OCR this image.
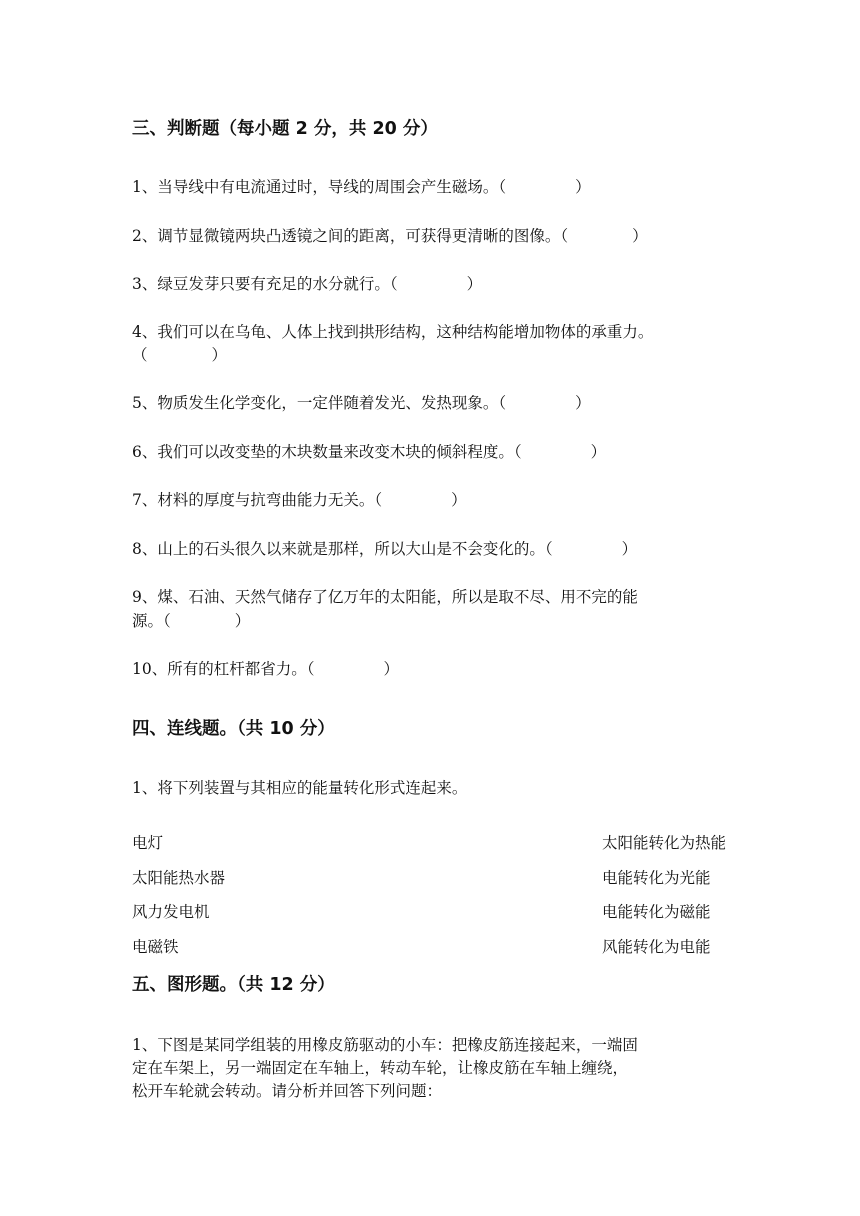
三、判断题（每小题 2 分，共 20 分）
1、当导线中有电流通过时，导线的周围会产生磁场。（              ）
2、调节显微镜两块凸透镜之间的距离，可获得更清晰的图像。（             ）
3、绿豆发芽只要有充足的水分就行。（              ）
4、我们可以在乌龟、人体上找到拱形结构，这种结构能增加物体的承重力。
（             ）
5、物质发生化学变化，一定伴随着发光、发热现象。（              ）
6、我们可以改变垫的木块数量来改变木块的倾斜程度。（              ）
7、材料的厚度与抗弯曲能力无关。（              ）
8、山上的石头很久以来就是那样，所以大山是不会变化的。（              ）
9、煤、石油、天然气储存了亿万年的太阳能，所以是取不尽、用不完的能
源。（             ）
10、所有的杠杆都省力。（              ）
四、连线题。（共 10 分）
1、将下列装置与其相应的能量转化形式连起来。
电灯
太阳能热水器
风力发电机
电磁铁
太阳能转化为热能
电能转化为光能
电能转化为磁能
风能转化为电能
五、图形题。（共 12 分）
1、下图是某同学组装的用橡皮筋驱动的小车：把橡皮筋连接起来，一端固
定在车架上，另一端固定在车轴上，转动车轮，让橡皮筋在车轴上缠绕，
松开车轮就会转动。请分析并回答下列问题：
